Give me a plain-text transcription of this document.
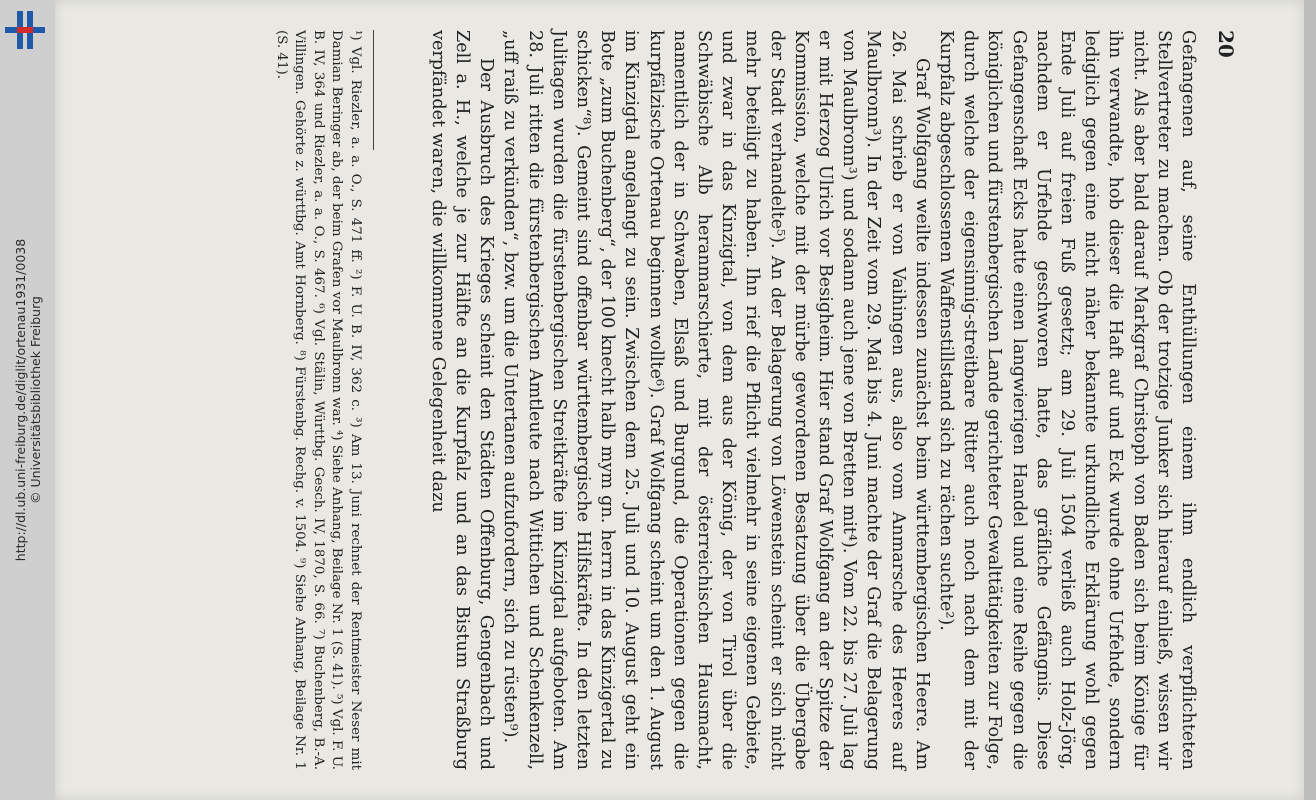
http://dl.ub.uni-freiburg.de/diglit/ortenau1931/0038 © Universitätsbibliothek Freiburg
20

Gefangenen auf, seine Enthüllungen einem ihm endlich verpflichteten Stellvertreter zu machen. Ob der trotzige Junker sich hierauf einließ, wissen wir nicht. Als aber bald darauf Markgraf Christoph von Baden sich beim Könige für ihn verwandte, hob dieser die Haft auf und Eck wurde ohne Urfehde, sondern lediglich gegen eine nicht näher bekannte urkundliche Erklärung wohl gegen Ende Juli auf freien Fuß gesetzt; am 29. Juli 1504 verließ auch Holz-Jörg, nachdem er Urfehde geschworen hatte, das gräfliche Gefängnis. Diese Gefangenschaft Ecks hatte einen langwierigen Handel und eine Reihe gegen die königlichen und fürstenbergischen Lande gerichteter Gewalttätigkeiten zur Folge, durch welche der eigensinnig-streitbare Ritter auch noch nach dem mit der Kurpfalz abgeschlossenen Waffenstillstand sich zu rächen suchte²).

Graf Wolfgang weilte indessen zunächst beim württembergischen Heere. Am 26. Mai schrieb er von Vaihingen aus, also vom Anmarsche des Heeres auf Maulbronn³). In der Zeit vom 29. Mai bis 4. Juni machte der Graf die Belagerung von Maulbronn³) und sodann auch jene von Bretten mit⁴). Vom 22. bis 27. Juli lag er mit Herzog Ulrich vor Besigheim. Hier stand Graf Wolfgang an der Spitze der Kommission, welche mit der mürbe gewordenen Besatzung über die Übergabe der Stadt verhandelte⁵). An der Belagerung von Löwenstein scheint er sich nicht mehr beteiligt zu haben. Ihn rief die Pflicht vielmehr in seine eigenen Gebiete, und zwar in das Kinzigtal, von dem aus der König, der von Tirol über die Schwäbische Alb heranmarschierte, mit der österreichischen Hausmacht, namentlich der in Schwaben, Elsaß und Burgund, die Operationen gegen die kurpfälzische Ortenau beginnen wollte⁶). Graf Wolfgang scheint um den 1. August im Kinzigtal angelangt zu sein. Zwischen dem 25. Juli und 10. August geht ein Bote „zum Buchenberg“, der 100 knecht halb mym gn. herrn in das Kinzigertal zu schicken“⁸). Gemeint sind offenbar württembergische Hilfskräfte. In den letzten Julitagen wurden die fürstenbergischen Streitkräfte im Kinzigtal aufgeboten. Am 28. Juli ritten die fürstenbergischen Amtleute nach Wittichen und Schenkenzell, „uff raiß zu verkünden“, bzw. um die Untertanen aufzufordern, sich zu rüsten⁹).

Der Ausbruch des Krieges scheint den Städten Offenburg, Gengenbach und Zell a. H., welche je zur Hälfte an die Kurpfalz und an das Bistum Straßburg verpfändet waren, die willkommene Gelegenheit dazu

¹) Vgl. Riezler, a. a. O., S. 471 ff. ²) F. U. B. IV, 362 c. ³) Am 13. Juni rechnet der Rentmeister Neser mit Damian Beringer ab, der beim Grafen vor Maulbronn war. ⁴) Siehe Anhang, Beilage Nr. 1 (S. 41). ⁵) Vgl. F. U. B. IV, 364 und Riezler, a. a. O., S. 467. ⁶) Vgl. Stälin, Württbg. Gesch. IV, 1870, S. 66. ⁷) Buchenberg, B.-A. Villingen. Gehörte z. württbg. Amt Hornberg. ⁸) Fürstenbg. Rechg. v. 1504. ⁹) Siehe Anhang, Beilage Nr. 1 (S. 41).
